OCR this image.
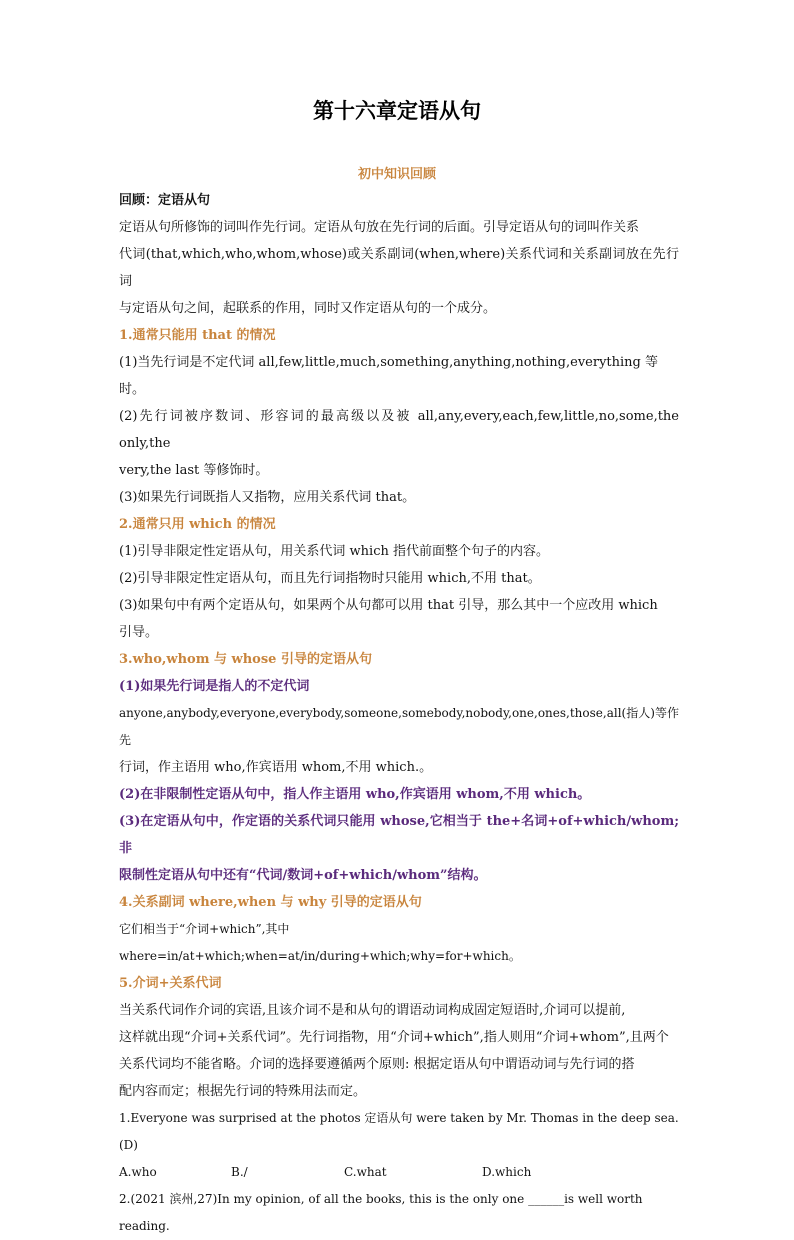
第十六章定语从句
初中知识回顾

回顾：定语从句

定语从句所修饰的词叫作先行词。定语从句放在先行词的后面。引导定语从句的词叫作关系

代词(that,which,who,whom,whose)或关系副词(when,where)关系代词和关系副词放在先行词

与定语从句之间，起联系的作用，同时又作定语从句的一个成分。

1.通常只能用 that 的情况

(1)当先行词是不定代词 all,few,little,much,something,anything,nothing,everything 等时。

(2)先行词被序数词、形容词的最高级以及被 all,any,every,each,few,little,no,some,the only,the

very,the last 等修饰时。

(3)如果先行词既指人又指物，应用关系代词 that。

2.通常只用 which 的情况

(1)引导非限定性定语从句，用关系代词 which 指代前面整个句子的内容。

(2)引导非限定性定语从句，而且先行词指物时只能用 which,不用 that。

(3)如果句中有两个定语从句，如果两个从句都可以用 that 引导，那么其中一个应改用 which

引导。

3.who,whom 与 whose 引导的定语从句

(1)如果先行词是指人的不定代词

anyone,anybody,everyone,everybody,someone,somebody,nobody,one,ones,those,all(指人)等作先

行词，作主语用 who,作宾语用 whom,不用 which.。

(2)在非限制性定语从句中，指人作主语用 who,作宾语用 whom,不用 which。

(3)在定语从句中，作定语的关系代词只能用 whose,它相当于 the+名词+of+which/whom;非

限制性定语从句中还有“代词/数词+of+which/whom”结构。

4.关系副词 where,when 与 why 引导的定语从句

它们相当于“介词+which”,其中 where=in/at+which;when=at/in/during+which;why=for+which。

5.介词+关系代词

当关系代词作介词的宾语,且该介词不是和从句的谓语动词构成固定短语时,介词可以提前,

这样就出现“介词+关系代词”。先行词指物，用“介词+which”,指人则用“介词+whom”,且两个

关系代词均不能省略。介词的选择要遵循两个原则: 根据定语从句中谓语动词与先行词的搭

配内容而定；根据先行词的特殊用法而定。

1.Everyone was surprised at the photos 定语从句 were taken by Mr. Thomas in the deep sea.(D)

A.who	B./	C.what	D.which

2.(2021 滨州,27)In my opinion, of all the books, this is the only one ______is well worth reading.
